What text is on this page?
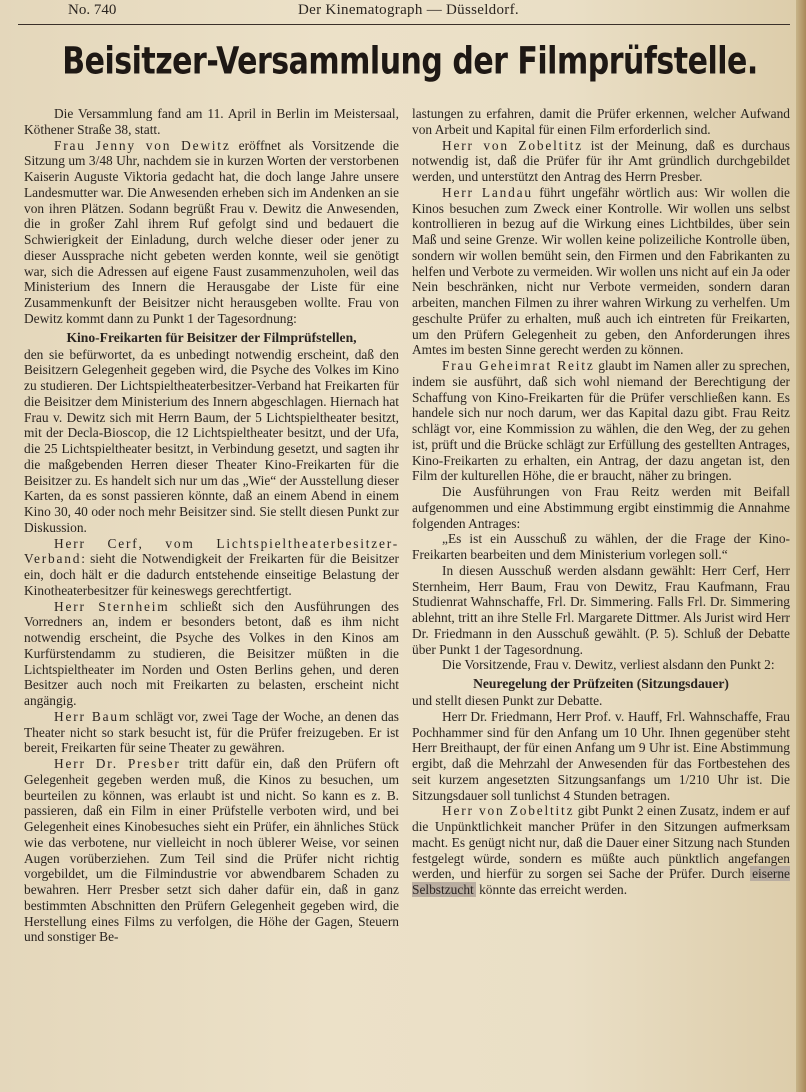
No. 740	Der Kinematograph — Düsseldorf.
Beisitzer-Versammlung der Filmprüfstelle.

Die Versammlung fand am 11. April in Berlin im Meistersaal, Köthener Straße 38, statt.

Frau Jenny von Dewitz eröffnet als Vorsitzende die Sitzung um 3/48 Uhr, nachdem sie in kurzen Worten der verstorbenen Kaiserin Auguste Viktoria gedacht hat, die doch lange Jahre unsere Landesmutter war. Die Anwesenden erheben sich im Andenken an sie von ihren Plätzen. Sodann begrüßt Frau v. Dewitz die Anwesenden, die in großer Zahl ihrem Ruf gefolgt sind und bedauert die Schwierigkeit der Einladung, durch welche dieser oder jener zu dieser Aussprache nicht gebeten werden konnte, weil sie genötigt war, sich die Adressen auf eigene Faust zusammenzuholen, weil das Ministerium des Innern die Herausgabe der Liste für eine Zusammenkunft der Beisitzer nicht herausgeben wollte. Frau von Dewitz kommt dann zu Punkt 1 der Tagesordnung:

Kino-Freikarten für Beisitzer der Filmprüfstellen,

den sie befürwortet, da es unbedingt notwendig erscheint, daß den Beisitzern Gelegenheit gegeben wird, die Psyche des Volkes im Kino zu studieren. Der Lichtspieltheaterbesitzer-Verband hat Freikarten für die Beisitzer dem Ministerium des Innern abgeschlagen. Hiernach hat Frau v. Dewitz sich mit Herrn Baum, der 5 Lichtspieltheater besitzt, mit der Decla-Bioscop, die 12 Lichtspieltheater besitzt, und der Ufa, die 25 Lichtspieltheater besitzt, in Verbindung gesetzt, und sagten ihr die maßgebenden Herren dieser Theater Kino-Freikarten für die Beisitzer zu. Es handelt sich nur um das „Wie“ der Ausstellung dieser Karten, da es sonst passieren könnte, daß an einem Abend in einem Kino 30, 40 oder noch mehr Beisitzer sind. Sie stellt diesen Punkt zur Diskussion.

Herr Cerf, vom Lichtspieltheaterbesitzer-Verband: sieht die Notwendigkeit der Freikarten für die Beisitzer ein, doch hält er die dadurch entstehende einseitige Belastung der Kinotheaterbesitzer für keineswegs gerechtfertigt.

Herr Sternheim schließt sich den Ausführungen des Vorredners an, indem er besonders betont, daß es ihm nicht notwendig erscheint, die Psyche des Volkes in den Kinos am Kurfürstendamm zu studieren, die Beisitzer müßten in die Lichtspieltheater im Norden und Osten Berlins gehen, und deren Besitzer auch noch mit Freikarten zu belasten, erscheint nicht angängig.

Herr Baum schlägt vor, zwei Tage der Woche, an denen das Theater nicht so stark besucht ist, für die Prüfer freizugeben. Er ist bereit, Freikarten für seine Theater zu gewähren.

Herr Dr. Presber tritt dafür ein, daß den Prüfern oft Gelegenheit gegeben werden muß, die Kinos zu besuchen, um beurteilen zu können, was erlaubt ist und nicht. So kann es z. B. passieren, daß ein Film in einer Prüfstelle verboten wird, und bei Gelegenheit eines Kinobesuches sieht ein Prüfer, ein ähnliches Stück wie das verbotene, nur vielleicht in noch üblerer Weise, vor seinen Augen vorüberziehen. Zum Teil sind die Prüfer nicht richtig vorgebildet, um die Filmindustrie vor abwendbarem Schaden zu bewahren. Herr Presber setzt sich daher dafür ein, daß in ganz bestimmten Abschnitten den Prüfern Gelegenheit gegeben wird, die Herstellung eines Films zu verfolgen, die Höhe der Gagen, Steuern und sonstiger Be-

lastungen zu erfahren, damit die Prüfer erkennen, welcher Aufwand von Arbeit und Kapital für einen Film erforderlich sind.

Herr von Zobeltitz ist der Meinung, daß es durchaus notwendig ist, daß die Prüfer für ihr Amt gründlich durchgebildet werden, und unterstützt den Antrag des Herrn Presber.

Herr Landau führt ungefähr wörtlich aus: Wir wollen die Kinos besuchen zum Zweck einer Kontrolle. Wir wollen uns selbst kontrollieren in bezug auf die Wirkung eines Lichtbildes, über sein Maß und seine Grenze. Wir wollen keine polizeiliche Kontrolle üben, sondern wir wollen bemüht sein, den Firmen und den Fabrikanten zu helfen und Verbote zu vermeiden. Wir wollen uns nicht auf ein Ja oder Nein beschränken, nicht nur Verbote vermeiden, sondern daran arbeiten, manchen Filmen zu ihrer wahren Wirkung zu verhelfen. Um geschulte Prüfer zu erhalten, muß auch ich eintreten für Freikarten, um den Prüfern Gelegenheit zu geben, den Anforderungen ihres Amtes im besten Sinne gerecht werden zu können.

Frau Geheimrat Reitz glaubt im Namen aller zu sprechen, indem sie ausführt, daß sich wohl niemand der Berechtigung der Schaffung von Kino-Freikarten für die Prüfer verschließen kann. Es handele sich nur noch darum, wer das Kapital dazu gibt. Frau Reitz schlägt vor, eine Kommission zu wählen, die den Weg, der zu gehen ist, prüft und die Brücke schlägt zur Erfüllung des gestellten Antrages, Kino-Freikarten zu erhalten, ein Antrag, der dazu angetan ist, den Film der kulturellen Höhe, die er braucht, näher zu bringen.

Die Ausführungen von Frau Reitz werden mit Beifall aufgenommen und eine Abstimmung ergibt einstimmig die Annahme folgenden Antrages:

„Es ist ein Ausschuß zu wählen, der die Frage der Kino-Freikarten bearbeiten und dem Ministerium vorlegen soll.“

In diesen Ausschuß werden alsdann gewählt: Herr Cerf, Herr Sternheim, Herr Baum, Frau von Dewitz, Frau Kaufmann, Frau Studienrat Wahnschaffe, Frl. Dr. Simmering. Falls Frl. Dr. Simmering ablehnt, tritt an ihre Stelle Frl. Margarete Dittmer. Als Jurist wird Herr Dr. Friedmann in den Ausschuß gewählt. (P. 5). Schluß der Debatte über Punkt 1 der Tagesordnung.

Die Vorsitzende, Frau v. Dewitz, verliest alsdann den Punkt 2:

Neuregelung der Prüfzeiten (Sitzungsdauer)

und stellt diesen Punkt zur Debatte.

Herr Dr. Friedmann, Herr Prof. v. Hauff, Frl. Wahnschaffe, Frau Pochhammer sind für den Anfang um 10 Uhr. Ihnen gegenüber steht Herr Breithaupt, der für einen Anfang um 9 Uhr ist. Eine Abstimmung ergibt, daß die Mehrzahl der Anwesenden für das Fortbestehen des seit kurzem angesetzten Sitzungsanfangs um 1/210 Uhr ist. Die Sitzungsdauer soll tunlichst 4 Stunden betragen.

Herr von Zobeltitz gibt Punkt 2 einen Zusatz, indem er auf die Unpünktlichkeit mancher Prüfer in den Sitzungen aufmerksam macht. Es genügt nicht nur, daß die Dauer einer Sitzung nach Stunden festgelegt würde, sondern es müßte auch pünktlich angefangen werden, und hierfür zu sorgen sei Sache der Prüfer. Durch eiserne Selbstzucht könnte das erreicht werden.
